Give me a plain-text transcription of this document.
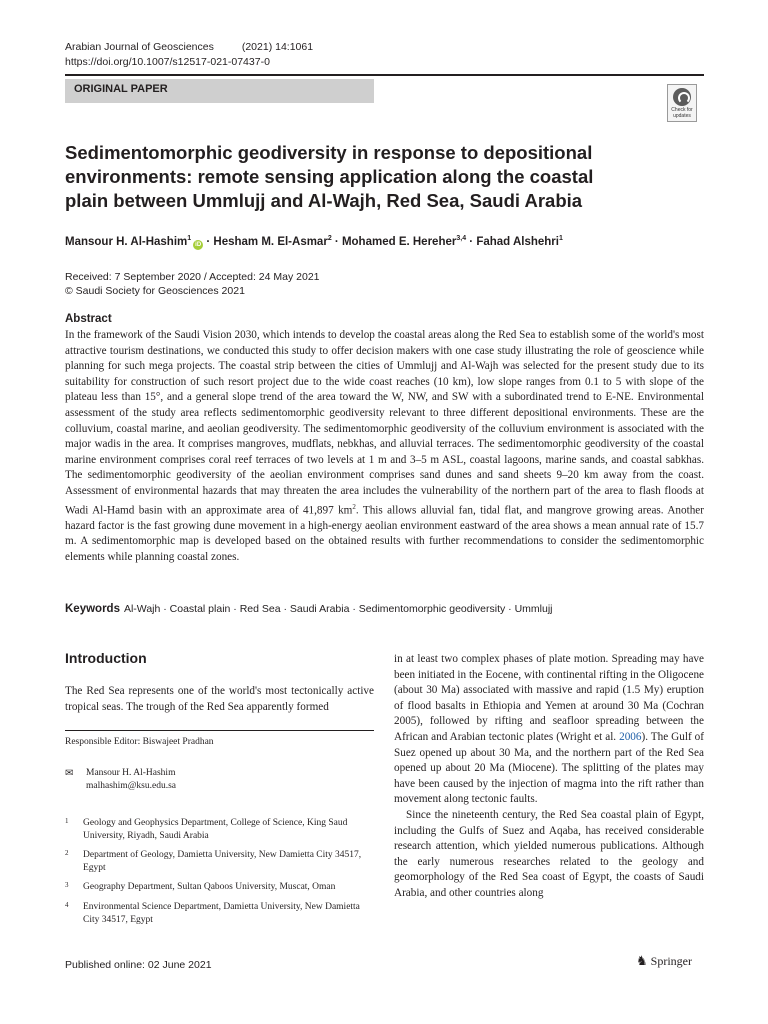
Arabian Journal of Geosciences	(2021) 14:1061
https://doi.org/10.1007/s12517-021-07437-0
ORIGINAL PAPER
Check for updates
Sedimentomorphic geodiversity in response to depositional environments: remote sensing application along the coastal plain between Ummlujj and Al-Wajh, Red Sea, Saudi Arabia
Mansour H. Al-Hashim$^1$iD · Hesham M. El-Asmar$^2$ · Mohamed E. Hereher$^{3,4}$ · Fahad Alshehri$^1$
Received: 7 September 2020 / Accepted: 24 May 2021
© Saudi Society for Geosciences 2021
Abstract

In the framework of the Saudi Vision 2030, which intends to develop the coastal areas along the Red Sea to establish some of the world's most attractive tourism destinations, we conducted this study to offer decision makers with one case study illustrating the role of geoscience while planning for such mega projects. The coastal strip between the cities of Ummlujj and Al-Wajh was selected for the present study due to its suitability for construction of such resort project due to the wide coast reaches (10 km), low slope ranges from 0.1 to 5 with slope of the plateau less than 15°, and a general slope trend of the area toward the W, NW, and SW with a subordinated trend to E-NE. Environmental assessment of the study area reflects sedimentomorphic geodiversity relevant to three different depositional environments. These are the colluvium, coastal marine, and aeolian geodiversity. The sedimentomorphic geodiversity of the colluvium environment is associated with the major wadis in the area. It comprises mangroves, mudflats, nebkhas, and alluvial terraces. The sedimentomorphic geodiversity of the coastal marine environment comprises coral reef terraces of two levels at 1 m and 3–5 m ASL, coastal lagoons, marine sands, and coastal sabkhas. The sedimentomorphic geodiversity of the aeolian environment comprises sand dunes and sand sheets 9–20 km away from the coast. Assessment of environmental hazards that may threaten the area includes the vulnerability of the northern part of the area to flash floods at Wadi Al-Hamd basin with an approximate area of 41,897 $km^2$. This allows alluvial fan, tidal flat, and mangrove growing areas. Another hazard factor is the fast growing dune movement in a high-energy aeolian environment eastward of the area shows a mean annual rate of 15.7 m. A sedimentomorphic map is developed based on the obtained results with further recommendations to consider the sedimentomorphic elements while planning coastal zones.

Keywords Al-Wajh · Coastal plain · Red Sea · Saudi Arabia · Sedimentomorphic geodiversity · Ummlujj
Introduction

The Red Sea represents one of the world's most tectonically active tropical seas. The trough of the Red Sea apparently formed

Responsible Editor: Biswajeet Pradhan
✉ Mansour H. Al-Hashim
malhashim@ksu.edu.sa
1 Geology and Geophysics Department, College of Science, King Saud University, Riyadh, Saudi Arabia
2 Department of Geology, Damietta University, New Damietta City 34517, Egypt
3 Geography Department, Sultan Qaboos University, Muscat, Oman
4 Environmental Science Department, Damietta University, New Damietta City 34517, Egypt

in at least two complex phases of plate motion. Spreading may have been initiated in the Eocene, with continental rifting in the Oligocene (about 30 Ma) associated with massive and rapid (1.5 My) eruption of flood basalts in Ethiopia and Yemen at around 30 Ma (Cochran 2005), followed by rifting and seafloor spreading between the African and Arabian tectonic plates (Wright et al. 2006). The Gulf of Suez opened up about 30 Ma, and the northern part of the Red Sea opened up about 20 Ma (Miocene). The splitting of the plates may have been caused by the injection of magma into the rift rather than movement along tectonic faults.

Since the nineteenth century, the Red Sea coastal plain of Egypt, including the Gulfs of Suez and Aqaba, has received considerable research attention, which yielded numerous publications. Although the early numerous researches related to the geology and geomorphology of the Red Sea coast of Egypt, the coasts of Saudi Arabia, and other countries along

Published online: 02 June 2021	♞ Springer
